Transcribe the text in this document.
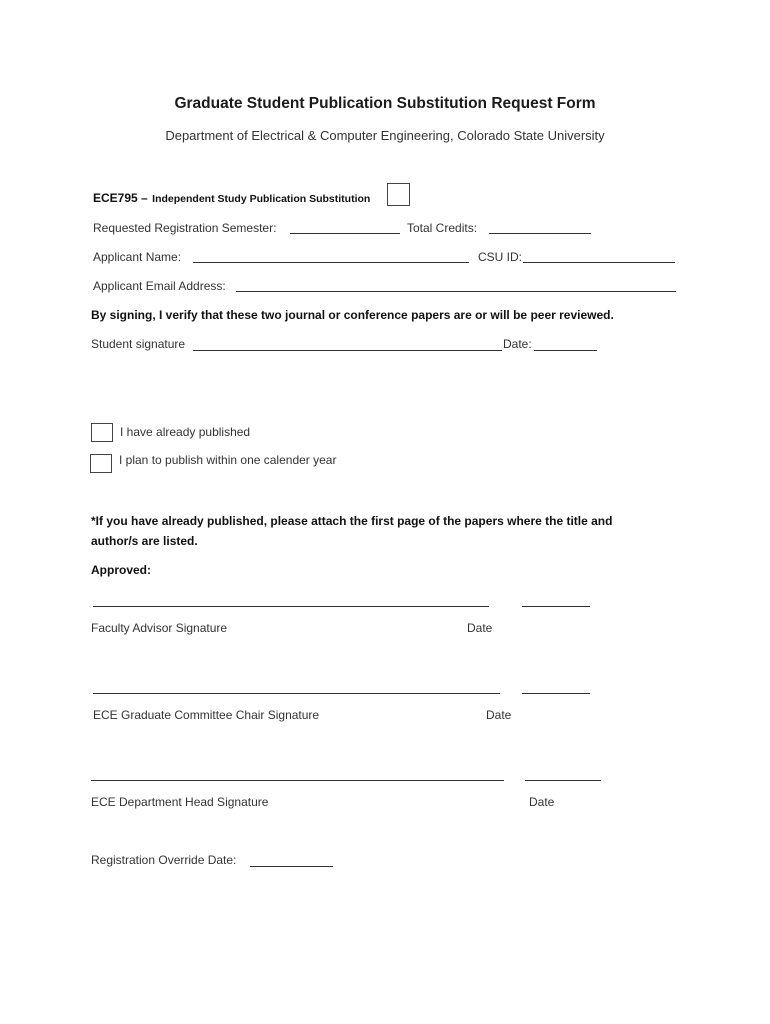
Graduate Student Publication Substitution Request Form
Department of Electrical & Computer Engineering, Colorado State University
ECE795 – Independent Study Publication Substitution
Requested Registration Semester:	Total Credits:
Applicant Name:	CSU ID:
Applicant Email Address:
By signing, I verify that these two journal or conference papers are or will be peer reviewed.
Student signature	Date:
I have already published
I plan to publish within one calender year
*If you have already published, please attach the first page of the papers where the title and
author/s are listed.
Approved:
Faculty Advisor Signature	Date
ECE Graduate Committee Chair Signature	Date
ECE Department Head Signature	Date
Registration Override Date:
